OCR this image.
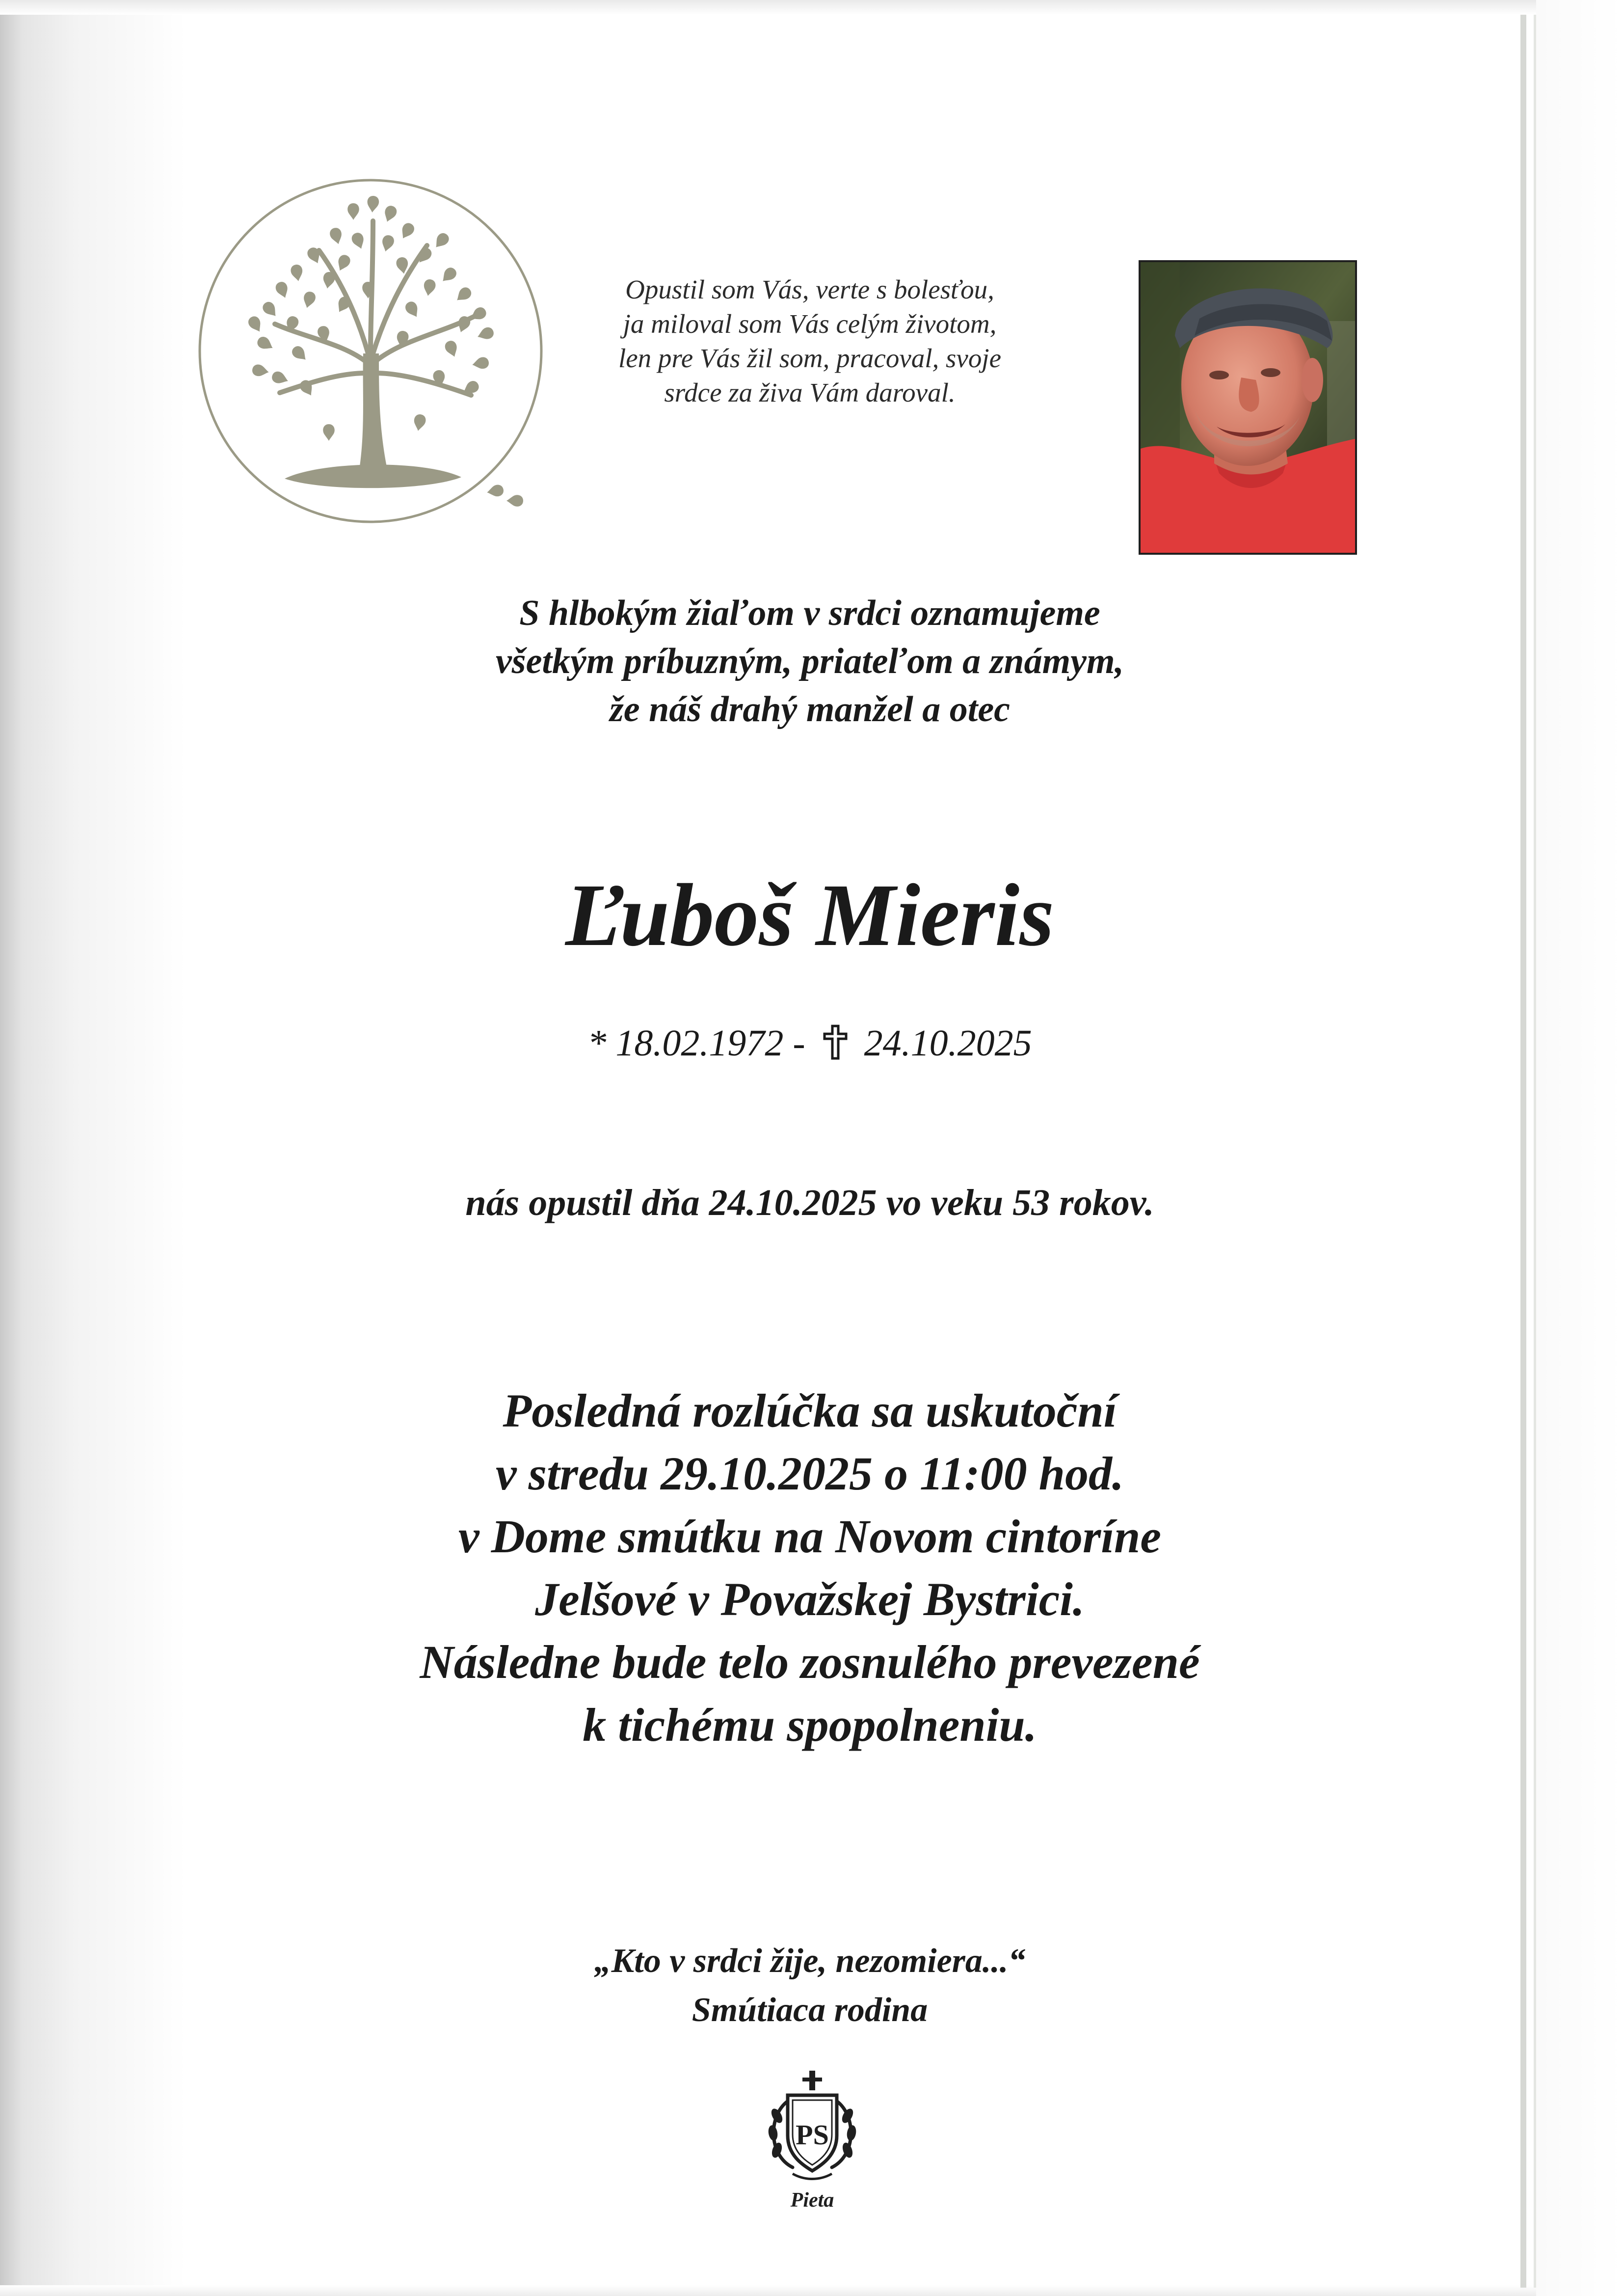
Opustil som Vás, verte s bolesťou,
ja miloval som Vás celým životom,
len pre Vás žil som, pracoval, svoje
srdce za živa Vám daroval.
S hlbokým žiaľom v srdci oznamujeme
všetkým príbuzným, priateľom a známym,
že náš drahý manžel a otec
Ľuboš Mieris
* 18.02.1972 - 24.10.2025
nás opustil dňa 24.10.2025 vo veku 53 rokov.
Posledná rozlúčka sa uskutoční
v stredu 29.10.2025 o 11:00 hod.
v Dome smútku na Novom cintoríne
Jelšové v Považskej Bystrici.
Následne bude telo zosnulého prevezené
k tichému spopolneniu.
„Kto v srdci žije, nezomiera...“
Smútiaca rodina
PS
Pieta
